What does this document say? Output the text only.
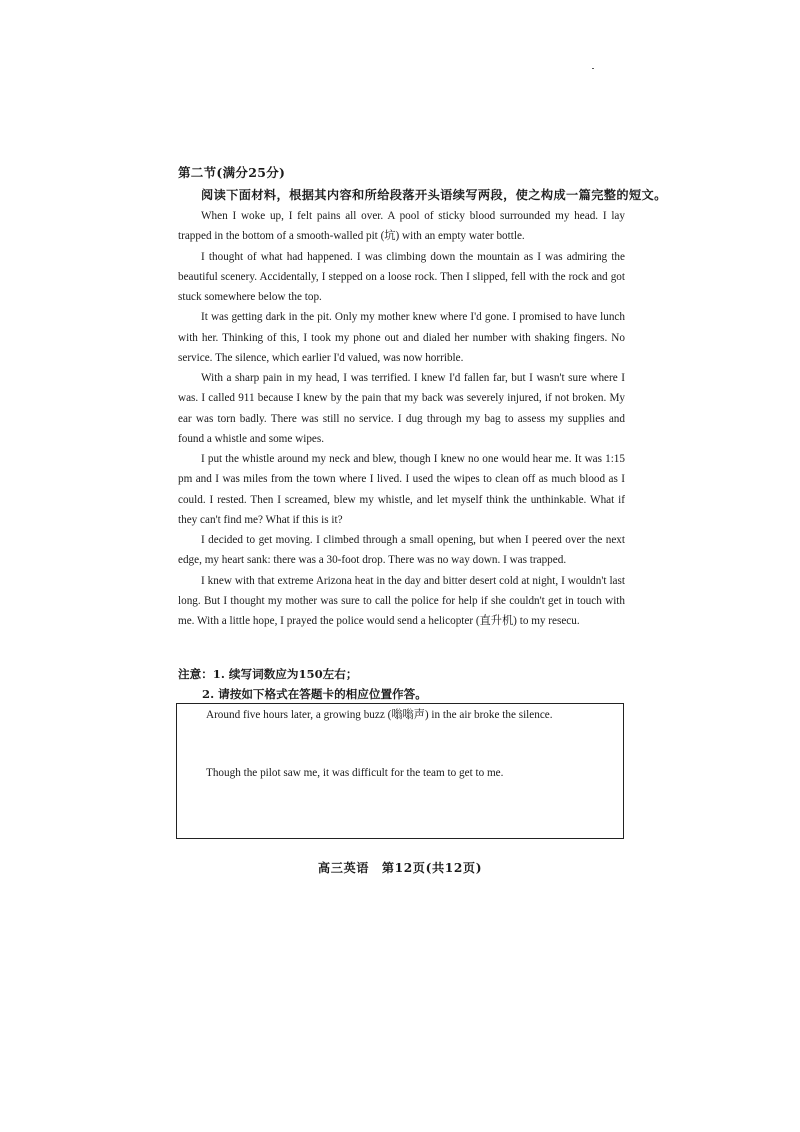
第二节(满分25分)
阅读下面材料，根据其内容和所给段落开头语续写两段，使之构成一篇完整的短文。

When I woke up, I felt pains all over. A pool of sticky blood surrounded my head. I lay trapped in the bottom of a smooth-walled pit (坑) with an empty water bottle.

I thought of what had happened. I was climbing down the mountain as I was admiring the beautiful scenery. Accidentally, I stepped on a loose rock. Then I slipped, fell with the rock and got stuck somewhere below the top.

It was getting dark in the pit. Only my mother knew where I'd gone. I promised to have lunch with her. Thinking of this, I took my phone out and dialed her number with shaking fingers. No service. The silence, which earlier I'd valued, was now horrible.

With a sharp pain in my head, I was terrified. I knew I'd fallen far, but I wasn't sure where I was. I called 911 because I knew by the pain that my back was severely injured, if not broken. My ear was torn badly. There was still no service. I dug through my bag to assess my supplies and found a whistle and some wipes.

I put the whistle around my neck and blew, though I knew no one would hear me. It was 1:15 pm and I was miles from the town where I lived. I used the wipes to clean off as much blood as I could. I rested. Then I screamed, blew my whistle, and let myself think the unthinkable. What if they can't find me? What if this is it?

I decided to get moving. I climbed through a small opening, but when I peered over the next edge, my heart sank: there was a 30-foot drop. There was no way down. I was trapped.

I knew with that extreme Arizona heat in the day and bitter desert cold at night, I wouldn't last long. But I thought my mother was sure to call the police for help if she couldn't get in touch with me. With a little hope, I prayed the police would send a helicopter (直升机) to my resecu.

注意：1. 续写词数应为150左右；
2. 请按如下格式在答题卡的相应位置作答。
Around five hours later, a growing buzz (嗡嗡声) in the air broke the silence.
Though the pilot saw me, it was difficult for the team to get to me.
高三英语　第12页(共12页)
